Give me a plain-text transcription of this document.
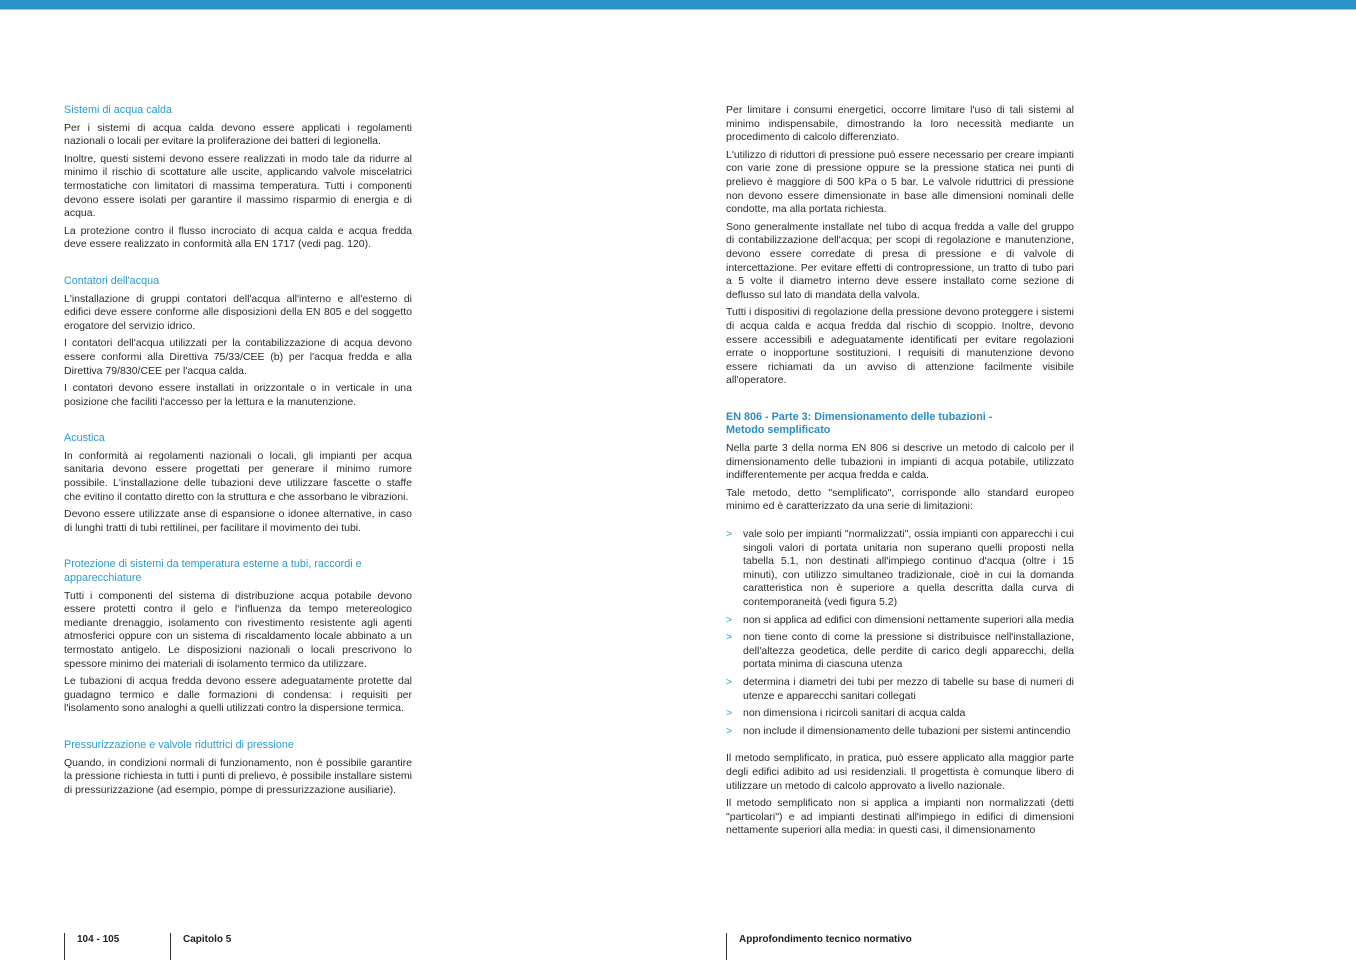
Sistemi di acqua calda

Per i sistemi di acqua calda devono essere applicati i regolamenti nazionali o locali per evitare la proliferazione dei batteri di legionella.

Inoltre, questi sistemi devono essere realizzati in modo tale da ridurre al minimo il rischio di scottature alle uscite, applicando valvole miscelatrici termostatiche con limitatori di massima temperatura. Tutti i componenti devono essere isolati per garantire il massimo risparmio di energia e di acqua.

La protezione contro il flusso incrociato di acqua calda e acqua fredda deve essere realizzato in conformità alla EN 1717 (vedi pag. 120).

Contatori dell'acqua

L'installazione di gruppi contatori dell'acqua all'interno e all'esterno di edifici deve essere conforme alle disposizioni della EN 805 e del soggetto erogatore del servizio idrico.

I contatori dell'acqua utilizzati per la contabilizzazione di acqua devono essere conformi alla Direttiva 75/33/CEE (b) per l'acqua fredda e alla Direttiva 79/830/CEE per l'acqua calda.

I contatori devono essere installati in orizzontale o in verticale in una posizione che faciliti l'accesso per la lettura e la manutenzione.

Acustica

In conformità ai regolamenti nazionali o locali, gli impianti per acqua sanitaria devono essere progettati per generare il minimo rumore possibile. L'installazione delle tubazioni deve utilizzare fascette o staffe che evitino il contatto diretto con la struttura e che assorbano le vibrazioni.

Devono essere utilizzate anse di espansione o idonee alternative, in caso di lunghi tratti di tubi rettilinei, per facilitare il movimento dei tubi.

Protezione di sistemi da temperatura esterne a tubi, raccordi e apparecchiature

Tutti i componenti del sistema di distribuzione acqua potabile devono essere protetti contro il gelo e l'influenza da tempo metereologico mediante drenaggio, isolamento con rivestimento resistente agli agenti atmosferici oppure con un sistema di riscaldamento locale abbinato a un termostato antigelo. Le disposizioni nazionali o locali prescrivono lo spessore minimo dei materiali di isolamento termico da utilizzare.

Le tubazioni di acqua fredda devono essere adeguatamente protette dal guadagno termico e dalle formazioni di condensa: i requisiti per l'isolamento sono analoghi a quelli utilizzati contro la dispersione termica.

Pressurizzazione e valvole riduttrici di pressione

Quando, in condizioni normali di funzionamento, non è possibile garantire la pressione richiesta in tutti i punti di prelievo, è possibile installare sistemi di pressurizzazione (ad esempio, pompe di pressurizzazione ausiliarie).

Per limitare i consumi energetici, occorre limitare l'uso di tali sistemi al minimo indispensabile, dimostrando la loro necessità mediante un procedimento di calcolo differenziato.

L'utilizzo di riduttori di pressione può essere necessario per creare impianti con varie zone di pressione oppure se la pressione statica nei punti di prelievo è maggiore di 500 kPa o 5 bar. Le valvole riduttrici di pressione non devono essere dimensionate in base alle dimensioni nominali delle condotte, ma alla portata richiesta.

Sono generalmente installate nel tubo di acqua fredda a valle del gruppo di contabilizzazione dell'acqua; per scopi di regolazione e manutenzione, devono essere corredate di presa di pressione e di valvole di intercettazione. Per evitare effetti di contropressione, un tratto di tubo pari a 5 volte il diametro interno deve essere installato come sezione di deflusso sul lato di mandata della valvola.

Tutti i dispositivi di regolazione della pressione devono proteggere i sistemi di acqua calda e acqua fredda dal rischio di scoppio. Inoltre, devono essere accessibili e adeguatamente identificati per evitare regolazioni errate o inopportune sostituzioni. I requisiti di manutenzione devono essere richiamati da un avviso di attenzione facilmente visibile all'operatore.

EN 806 - Parte 3: Dimensionamento delle tubazioni -
Metodo semplificato

Nella parte 3 della norma EN 806 si descrive un metodo di calcolo per il dimensionamento delle tubazioni in impianti di acqua potabile, utilizzato indifferentemente per acqua fredda e calda.

Tale metodo, detto "semplificato", corrisponde allo standard europeo minimo ed è caratterizzato da una serie di limitazioni:

> vale solo per impianti "normalizzati", ossia impianti con apparecchi i cui singoli valori di portata unitaria non superano quelli proposti nella tabella 5.1, non destinati all'impiego continuo d'acqua (oltre i 15 minuti), con utilizzo simultaneo tradizionale, cioè in cui la domanda caratteristica non è superiore a quella descritta dalla curva di contemporaneità (vedi figura 5.2)
> non si applica ad edifici con dimensioni nettamente superiori alla media
> non tiene conto di come la pressione si distribuisce nell'installazione, dell'altezza geodetica, delle perdite di carico degli apparecchi, della portata minima di ciascuna utenza
> determina i diametri dei tubi per mezzo di tabelle su base di numeri di utenze e apparecchi sanitari collegati
> non dimensiona i ricircoli sanitari di acqua calda
> non include il dimensionamento delle tubazioni per sistemi antincendio

Il metodo semplificato, in pratica, può essere applicato alla maggior parte degli edifici adibito ad usi residenziali. Il progettista è comunque libero di utilizzare un metodo di calcolo approvato a livello nazionale.

Il metodo semplificato non si applica a impianti non normalizzati (detti "particolari") e ad impianti destinati all'impiego in edifici di dimensioni nettamente superiori alla media: in questi casi, il dimensionamento

104 - 105	Capitolo 5	Approfondimento tecnico normativo
